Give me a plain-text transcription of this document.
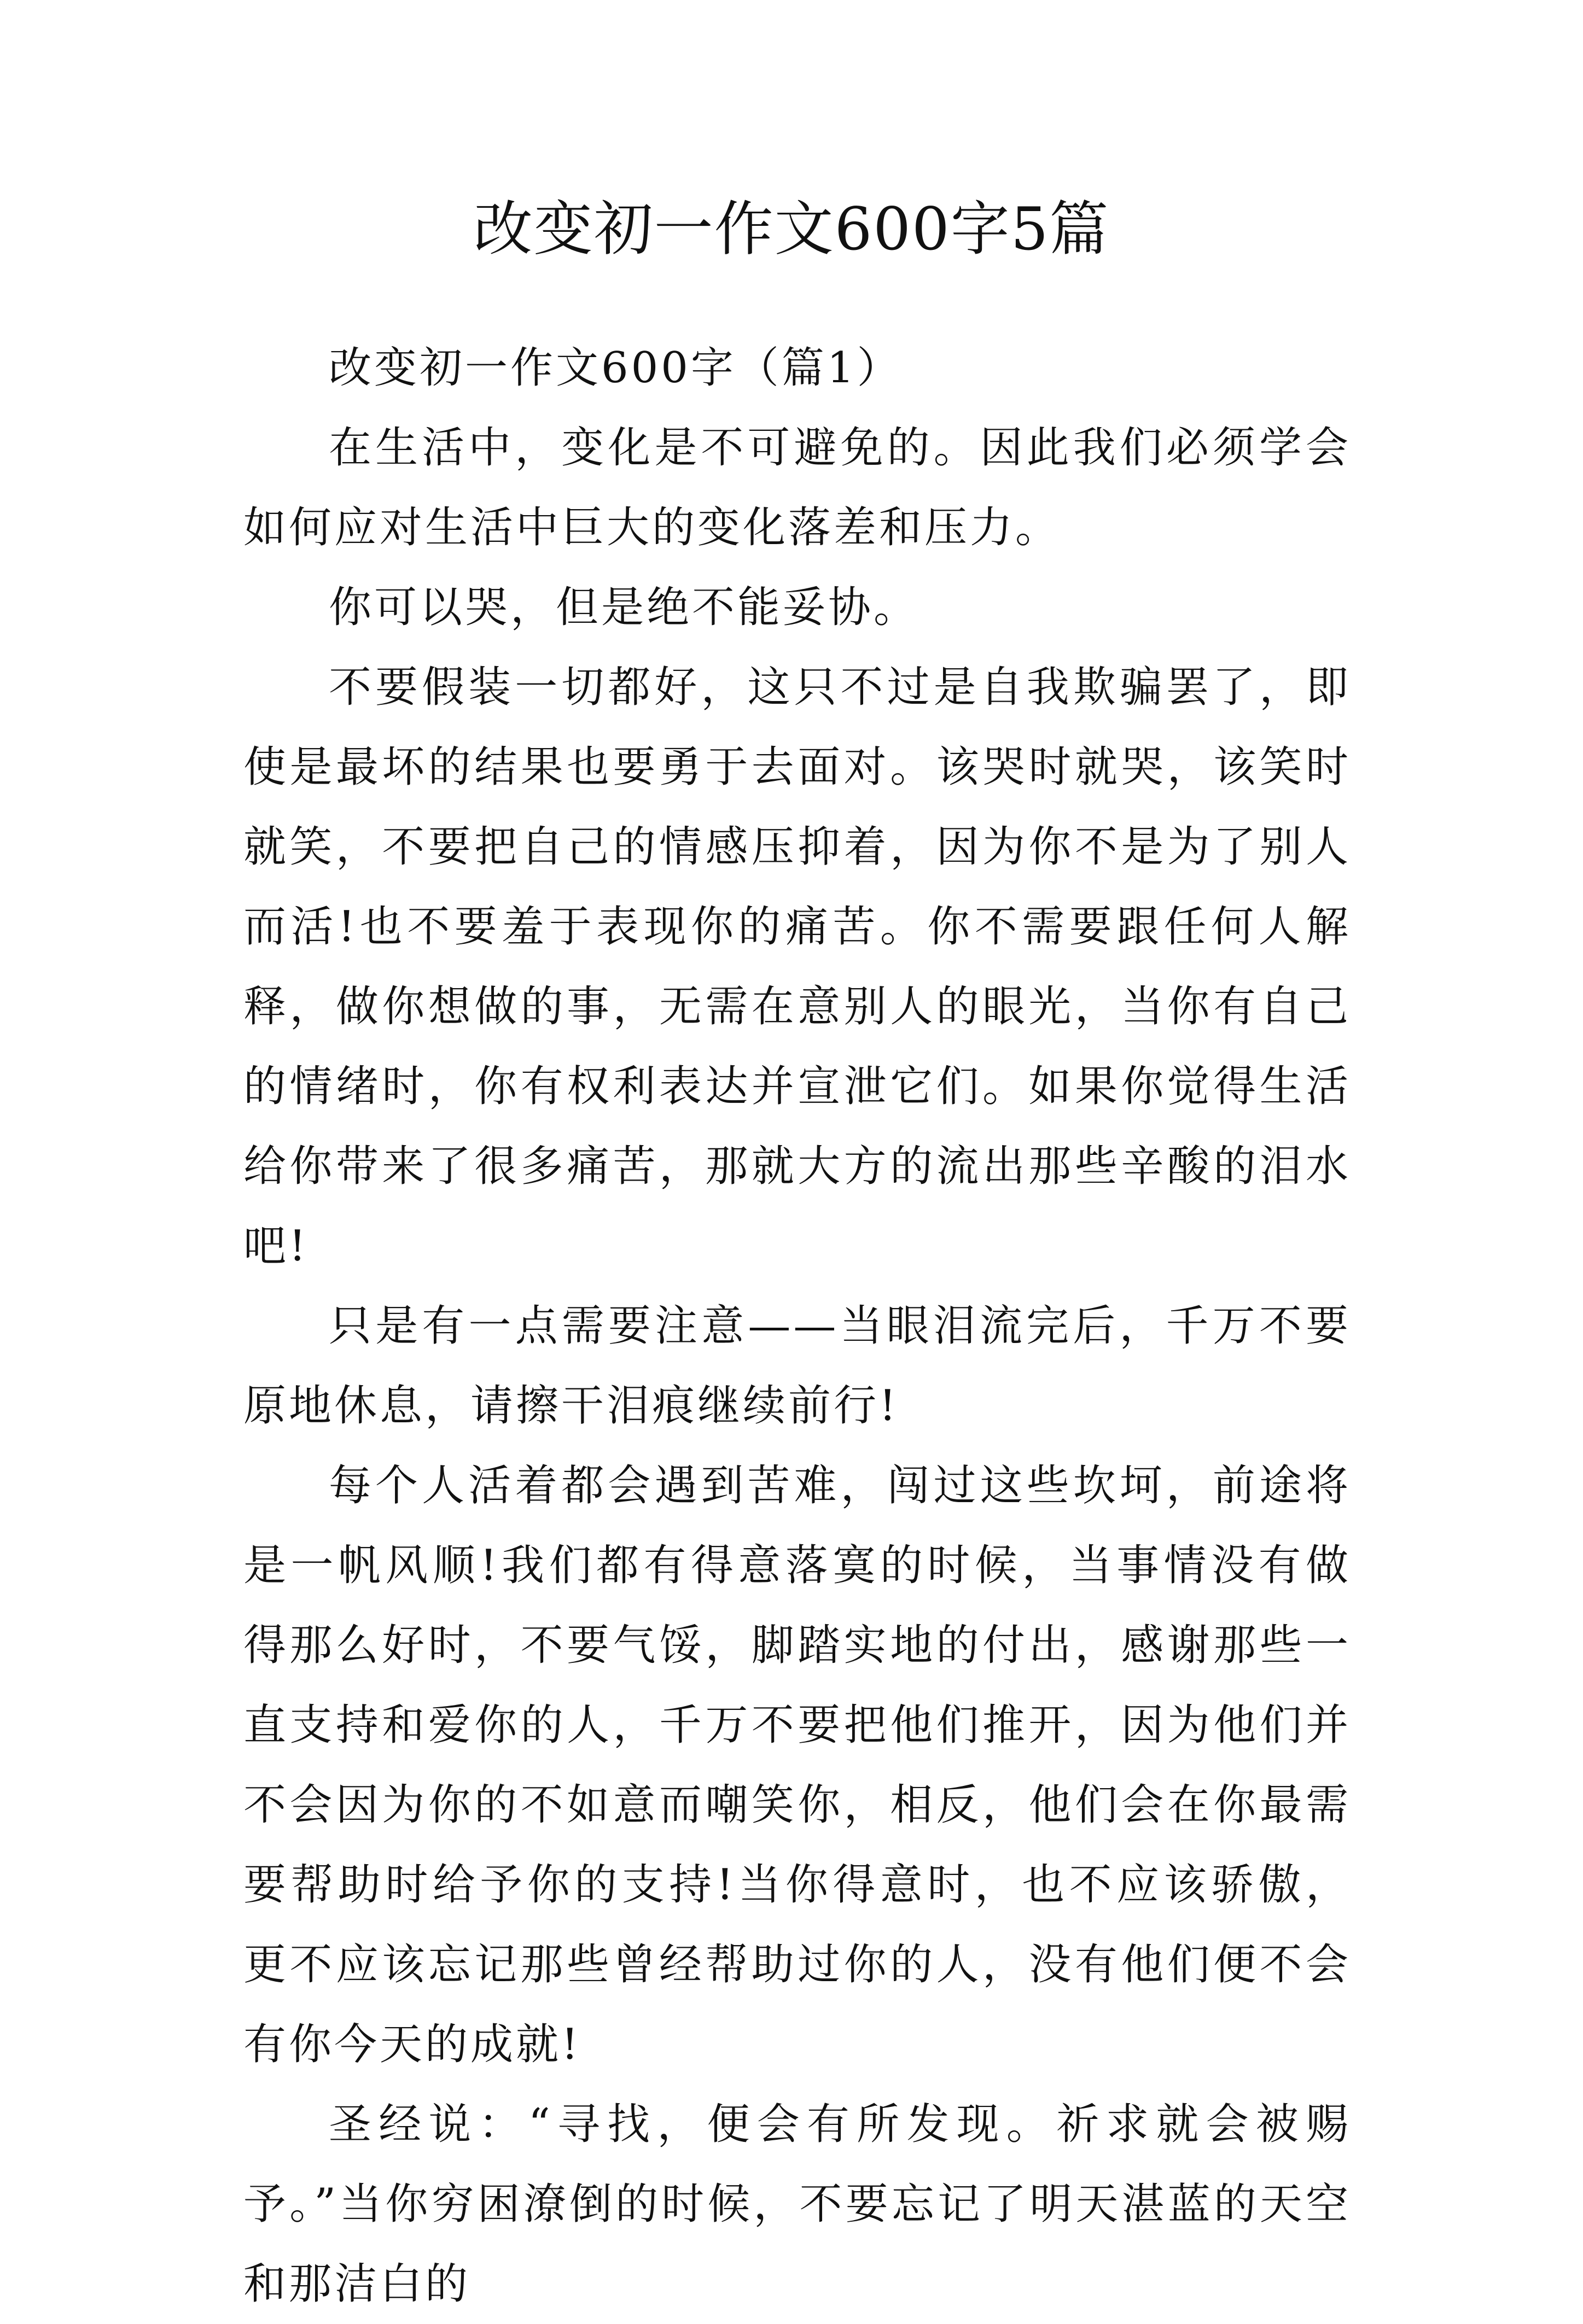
改变初一作文600字5篇

改变初一作文600字（篇1）

在生活中，变化是不可避免的。因此我们必须学会如何应对生活中巨大的变化落差和压力。

你可以哭，但是绝不能妥协。

不要假装一切都好，这只不过是自我欺骗罢了，即使是最坏的结果也要勇于去面对。该哭时就哭，该笑时就笑，不要把自己的情感压抑着，因为你不是为了别人而活!也不要羞于表现你的痛苦。你不需要跟任何人解释，做你想做的事，无需在意别人的眼光，当你有自己的情绪时，你有权利表达并宣泄它们。如果你觉得生活给你带来了很多痛苦，那就大方的流出那些辛酸的泪水吧!

只是有一点需要注意——当眼泪流完后，千万不要原地休息，请擦干泪痕继续前行!

每个人活着都会遇到苦难，闯过这些坎坷，前途将是一帆风顺!我们都有得意落寞的时候，当事情没有做得那么好时，不要气馁，脚踏实地的付出，感谢那些一直支持和爱你的人，千万不要把他们推开，因为他们并不会因为你的不如意而嘲笑你，相反，他们会在你最需要帮助时给予你的支持!当你得意时，也不应该骄傲，更不应该忘记那些曾经帮助过你的人，没有他们便不会有你今天的成就!

圣经说：“寻找，便会有所发现。祈求就会被赐予。”当你穷困潦倒的时候，不要忘记了明天湛蓝的天空和那洁白的
